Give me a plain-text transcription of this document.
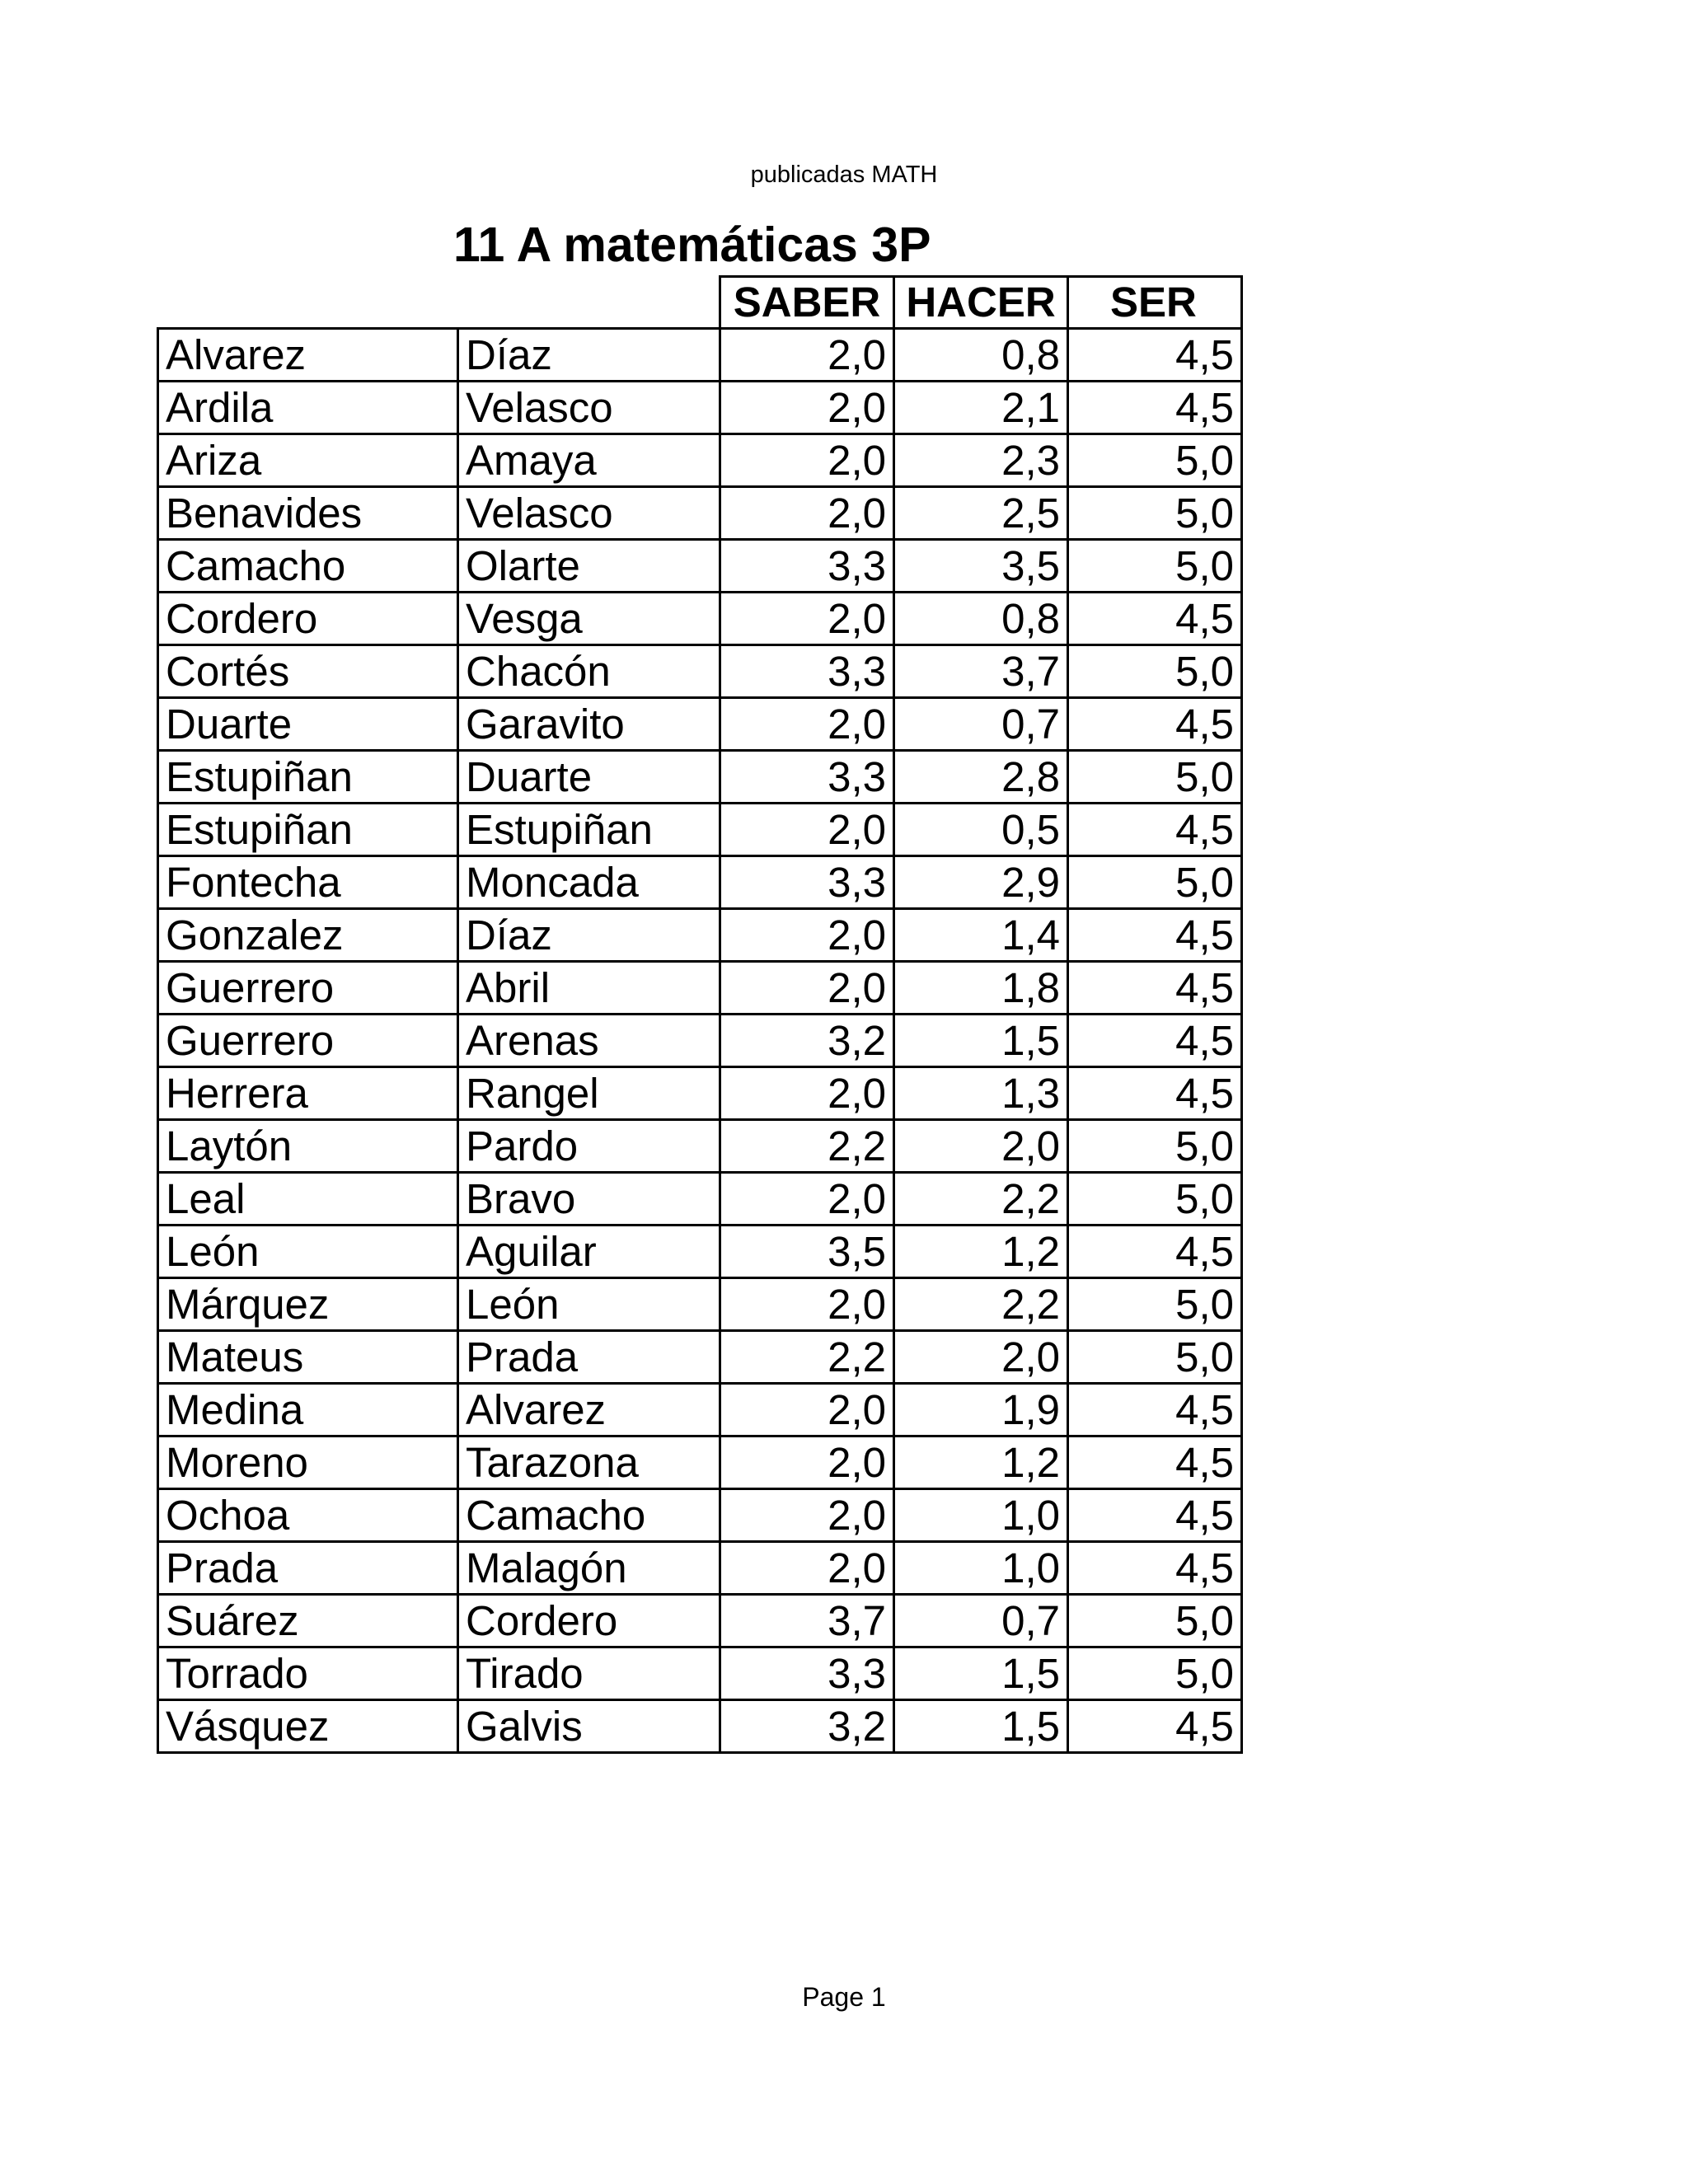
publicadas MATH
11 A matemáticas 3P
		SABER	HACER	SER
Alvarez	Díaz	2,0	0,8	4,5
Ardila	Velasco	2,0	2,1	4,5
Ariza	Amaya	2,0	2,3	5,0
Benavides	Velasco	2,0	2,5	5,0
Camacho	Olarte	3,3	3,5	5,0
Cordero	Vesga	2,0	0,8	4,5
Cortés	Chacón	3,3	3,7	5,0
Duarte	Garavito	2,0	0,7	4,5
Estupiñan	Duarte	3,3	2,8	5,0
Estupiñan	Estupiñan	2,0	0,5	4,5
Fontecha	Moncada	3,3	2,9	5,0
Gonzalez	Díaz	2,0	1,4	4,5
Guerrero	Abril	2,0	1,8	4,5
Guerrero	Arenas	3,2	1,5	4,5
Herrera	Rangel	2,0	1,3	4,5
Laytón	Pardo	2,2	2,0	5,0
Leal	Bravo	2,0	2,2	5,0
León	Aguilar	3,5	1,2	4,5
Márquez	León	2,0	2,2	5,0
Mateus	Prada	2,2	2,0	5,0
Medina	Alvarez	2,0	1,9	4,5
Moreno	Tarazona	2,0	1,2	4,5
Ochoa	Camacho	2,0	1,0	4,5
Prada	Malagón	2,0	1,0	4,5
Suárez	Cordero	3,7	0,7	5,0
Torrado	Tirado	3,3	1,5	5,0
Vásquez	Galvis	3,2	1,5	4,5
Page 1
